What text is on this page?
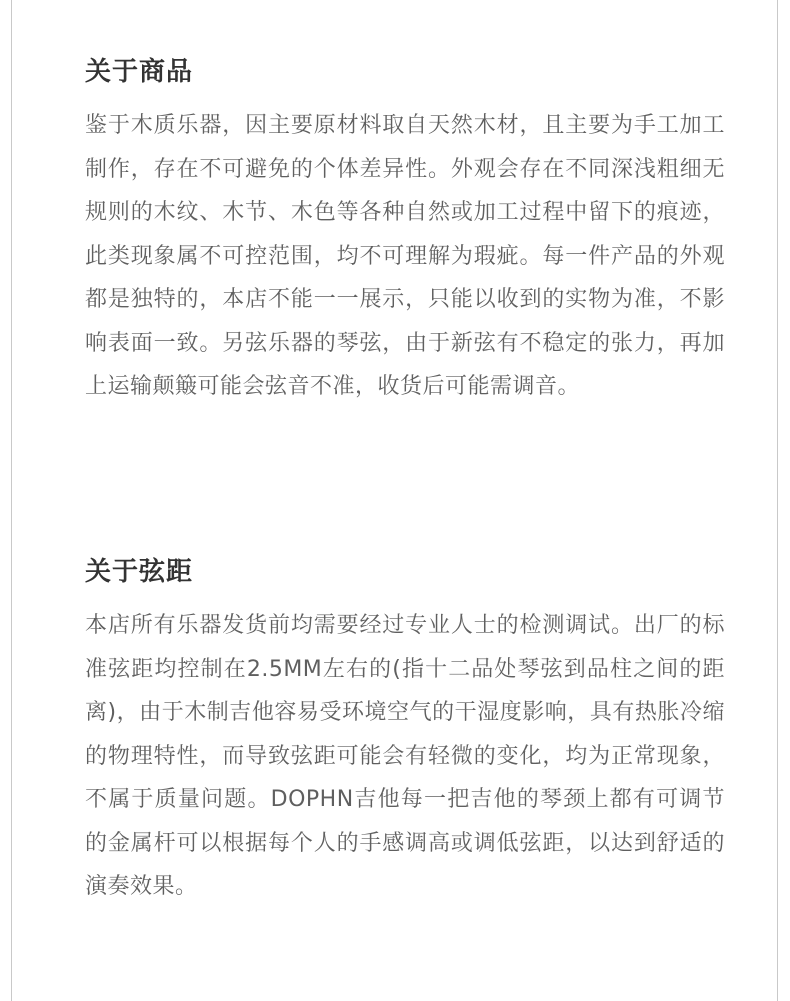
关于商品

鉴于木质乐器，因主要原材料取自天然木材，且主要为手工加工制作，存在不可避免的个体差异性。外观会存在不同深浅粗细无规则的木纹、木节、木色等各种自然或加工过程中留下的痕迹，此类现象属不可控范围，均不可理解为瑕疵。每一件产品的外观都是独特的，本店不能一一展示，只能以收到的实物为准，不影响表面一致。另弦乐器的琴弦，由于新弦有不稳定的张力，再加上运输颠簸可能会弦音不准，收货后可能需调音。

关于弦距

本店所有乐器发货前均需要经过专业人士的检测调试。出厂的标准弦距均控制在2.5MM左右的(指十二品处琴弦到品柱之间的距离)，由于木制吉他容易受环境空气的干湿度影响，具有热胀冷缩的物理特性，而导致弦距可能会有轻微的变化，均为正常现象，不属于质量问题。DOPHN吉他每一把吉他的琴颈上都有可调节的金属杆可以根据每个人的手感调高或调低弦距，以达到舒适的演奏效果。
